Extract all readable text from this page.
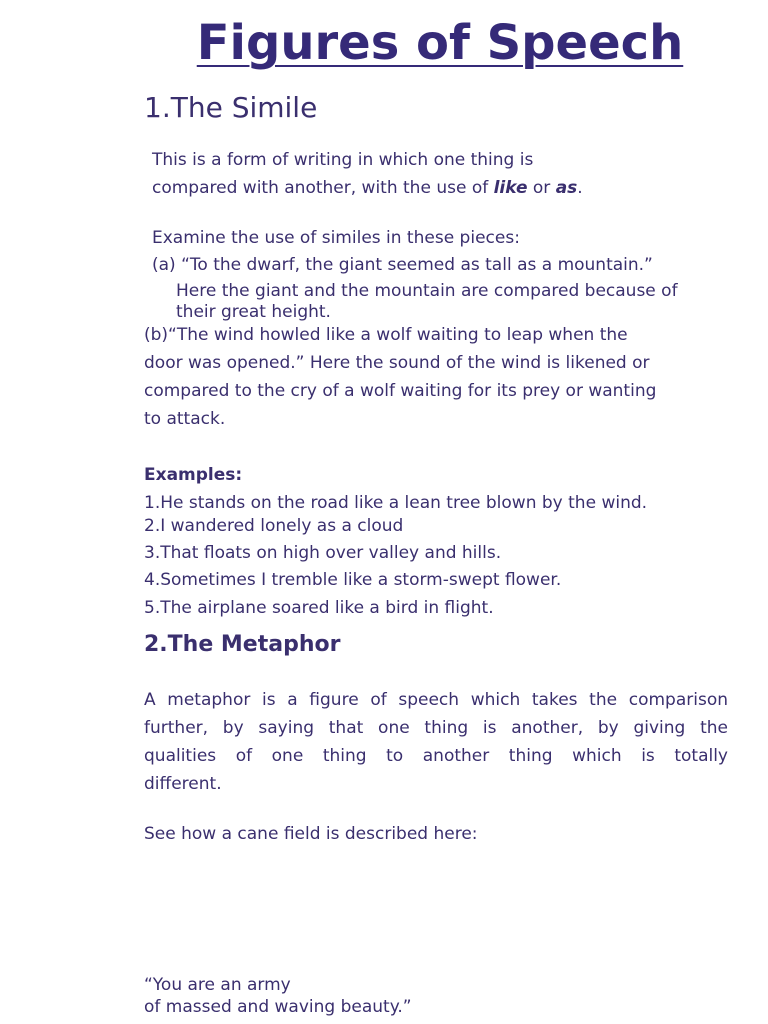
Figures of Speech
1.The Simile
This is a form of writing in which one thing is
compared with another, with the use of like or as.
Examine the use of similes in these pieces:
(a) “To the dwarf, the giant seemed as tall as a mountain.”
Here the giant and the mountain are compared because of
their great height.
(b)“The wind howled like a wolf waiting to leap when the
door was opened.” Here the sound of the wind is likened or
compared to the cry of a wolf waiting for its prey or wanting
to attack.
Examples:
1.He stands on the road like a lean tree blown by the wind.
2.I wandered lonely as a cloud
3.That floats on high over valley and hills.
4.Sometimes I tremble like a storm-swept flower.
5.The airplane soared like a bird in flight.
2.The Metaphor
A metaphor is a figure of speech which takes the comparison
further, by saying that one thing is another, by giving the
qualities of one thing to another thing which is totally
different.
See how a cane field is described here:
“You are an army
of massed and waving beauty.”
